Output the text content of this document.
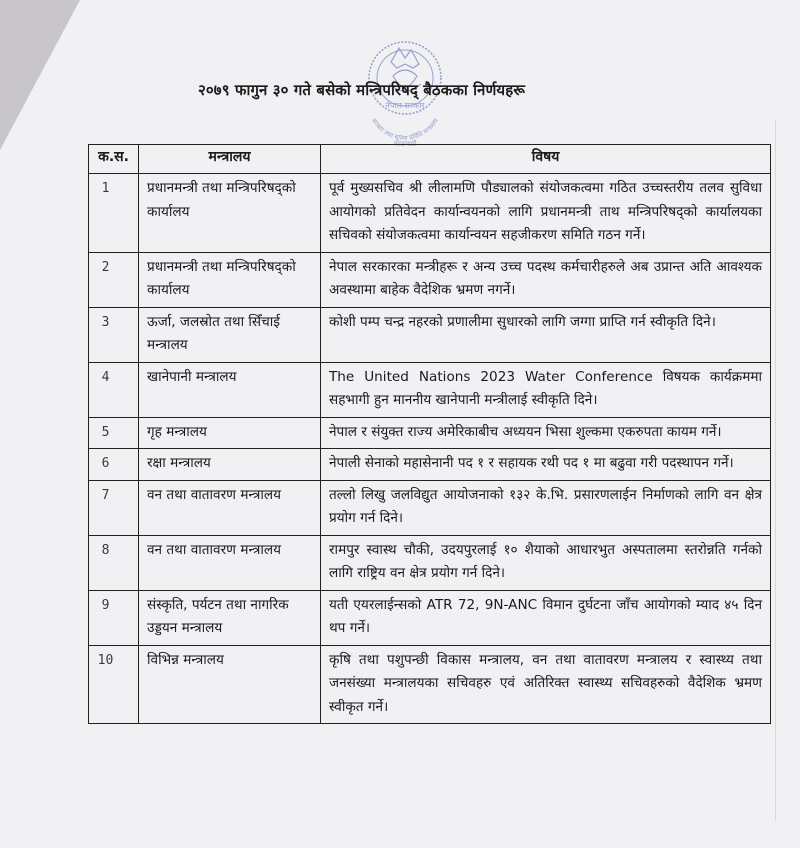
नेपाल सरकार
सञ्चार तथा सूचना प्रविधि मन्त्रालय
काठमाडौं
२०७९ फागुन ३० गते बसेको मन्त्रिपरिषद् बैठकका निर्णयहरू
क.स.	मन्त्रालय	विषय
1	प्रधानमन्त्री तथा मन्त्रिपरिषद्को कार्यालय	पूर्व मुख्यसचिव श्री लीलामणि पौड्यालको संयोजकत्वमा गठित उच्चस्तरीय तलव सुविधा आयोगको प्रतिवेदन कार्यान्वयनको लागि प्रधानमन्त्री ताथ मन्त्रिपरिषद्को कार्यालयका सचिवको संयोजकत्वमा कार्यान्वयन सहजीकरण समिति गठन गर्ने।
2	प्रधानमन्त्री तथा मन्त्रिपरिषद्को कार्यालय	नेपाल सरकारका मन्त्रीहरू र अन्य उच्च पदस्थ कर्मचारीहरुले अब उप्रान्त अति आवश्यक अवस्थामा बाहेक वैदेशिक भ्रमण नगर्ने।
3	ऊर्जा, जलस्रोत तथा सिँचाई मन्त्रालय	कोशी पम्प चन्द्र नहरको प्रणालीमा सुधारको लागि जग्गा प्राप्ति गर्न स्वीकृति दिने।
4	खानेपानी मन्त्रालय	The United Nations 2023 Water Conference विषयक कार्यक्रममा सहभागी हुन माननीय खानेपानी मन्त्रीलाई स्वीकृति दिने।
5	गृह मन्त्रालय	नेपाल र संयुक्त राज्य अमेरिकाबीच अध्ययन भिसा शुल्कमा एकरुपता कायम गर्ने।
6	रक्षा मन्त्रालय	नेपाली सेनाको महासेनानी पद १ र सहायक रथी पद १ मा बढुवा गरी पदस्थापन गर्ने।
7	वन तथा वातावरण मन्त्रालय	तल्लो लिखु जलविद्युत आयोजनाको १३२ के.भि. प्रसारणलाईन निर्माणको लागि वन क्षेत्र प्रयोग गर्न दिने।
8	वन तथा वातावरण मन्त्रालय	रामपुर स्वास्थ चौकी, उदयपुरलाई १० शैयाको आधारभुत अस्पतालमा स्तरोन्नति गर्नको लागि राष्ट्रिय वन क्षेत्र प्रयोग गर्न दिने।
9	संस्कृति, पर्यटन तथा नागरिक उड्डयन मन्त्रालय	यती एयरलाईन्सको ATR 72, 9N-ANC विमान दुर्घटना जाँच आयोगको म्याद ४५ दिन थप गर्ने।
10	विभिन्न मन्त्रालय	कृषि तथा पशुपन्छी विकास मन्त्रालय, वन तथा वातावरण मन्त्रालय र स्वास्थ्य तथा जनसंख्या मन्त्रालयका सचिवहरु एवं अतिरिक्त स्वास्थ्य सचिवहरुको वैदेशिक भ्रमण स्वीकृत गर्ने।
